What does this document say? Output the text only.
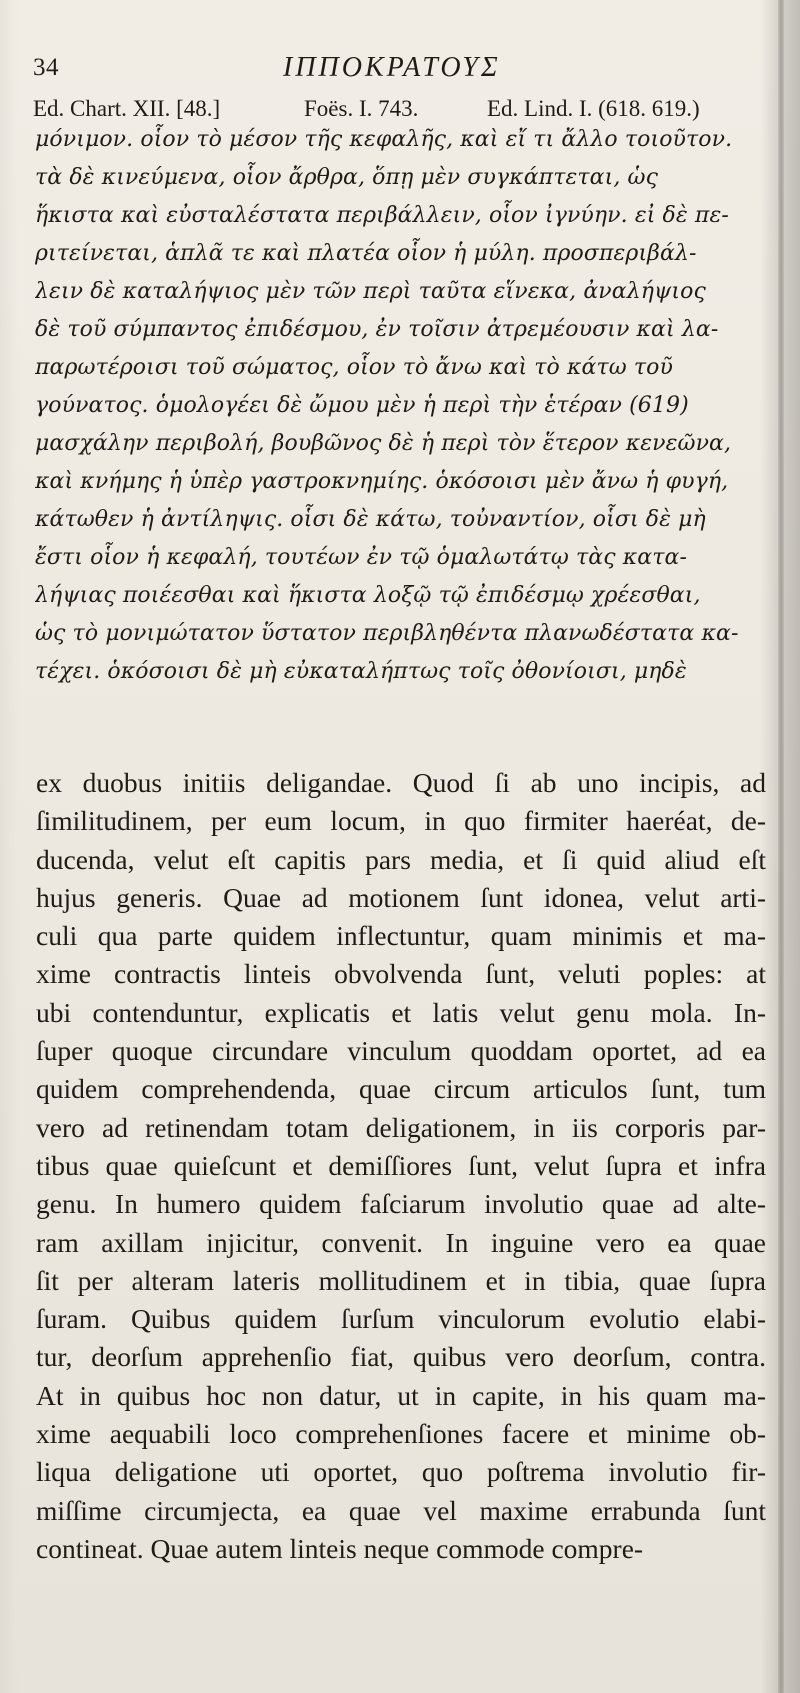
34	ΙΠΠΟΚΡΑΤΟΥΣ
Ed. Chart. XII. [48.]	Foës. I. 743.	Ed. Lind. I. (618. 619.)
μόνιμον. οἷον τὸ μέσον τῆς κεφαλῆς, καὶ εἴ τι ἄλλο τοιοῦτον.
τὰ δὲ κινεύμενα, οἷον ἄρθρα, ὅπῃ μὲν συγκάπτεται, ὡς
ἥκιστα καὶ εὐσταλέστατα περιβάλλειν, οἷον ἰγνύην. εἰ δὲ πε-
ριτείνεται, ἁπλᾶ τε καὶ πλατέα οἷον ἡ μύλη. προσπεριβάλ-
λειν δὲ καταλήψιος μὲν τῶν περὶ ταῦτα εἵνεκα, ἀναλήψιος
δὲ τοῦ σύμπαντος ἐπιδέσμου, ἐν τοῖσιν ἀτρεμέουσιν καὶ λα-
παρωτέροισι τοῦ σώματος, οἷον τὸ ἄνω καὶ τὸ κάτω τοῦ
γούνατος. ὁμολογέει δὲ ὤμου μὲν ἡ περὶ τὴν ἑτέραν (619)
μασχάλην περιβολή, βουβῶνος δὲ ἡ περὶ τὸν ἕτερον κενεῶνα,
καὶ κνήμης ἡ ὑπὲρ γαστροκνημίης. ὁκόσοισι μὲν ἄνω ἡ φυγή,
κάτωθεν ἡ ἀντίληψις. οἷσι δὲ κάτω, τοὐναντίον, οἷσι δὲ μὴ
ἔστι οἷον ἡ κεφαλή, τουτέων ἐν τῷ ὁμαλωτάτῳ τὰς κατα-
λήψιας ποιέεσθαι καὶ ἥκιστα λοξῷ τῷ ἐπιδέσμῳ χρέεσθαι,
ὡς τὸ μονιμώτατον ὕστατον περιβληθέντα πλανωδέστατα κα-
τέχει. ὁκόσοισι δὲ μὴ εὐκαταλήπτως τοῖς ὀθονίοισι, μηδὲ
ex duobus initiis deligandae. Quod ſi ab uno incipis, ad
ſimilitudinem, per eum locum, in quo firmiter haeréat, de-
ducenda, velut eſt capitis pars media, et ſi quid aliud eſt
hujus generis. Quae ad motionem ſunt idonea, velut arti-
culi qua parte quidem inflectuntur, quam minimis et ma-
xime contractis linteis obvolvenda ſunt, veluti poples: at
ubi contenduntur, explicatis et latis velut genu mola. In-
ſuper quoque circundare vinculum quoddam oportet, ad ea
quidem comprehendenda, quae circum articulos ſunt, tum
vero ad retinendam totam deligationem, in iis corporis par-
tibus quae quieſcunt et demiſſiores ſunt, velut ſupra et infra
genu. In humero quidem faſciarum involutio quae ad alte-
ram axillam injicitur, convenit. In inguine vero ea quae
ſit per alteram lateris mollitudinem et in tibia, quae ſupra
ſuram. Quibus quidem ſurſum vinculorum evolutio elabi-
tur, deorſum apprehenſio fiat, quibus vero deorſum, contra.
At in quibus hoc non datur, ut in capite, in his quam ma-
xime aequabili loco comprehenſiones facere et minime ob-
liqua deligatione uti oportet, quo poſtrema involutio fir-
miſſime circumjecta, ea quae vel maxime errabunda ſunt
contineat. Quae autem linteis neque commode compre-
